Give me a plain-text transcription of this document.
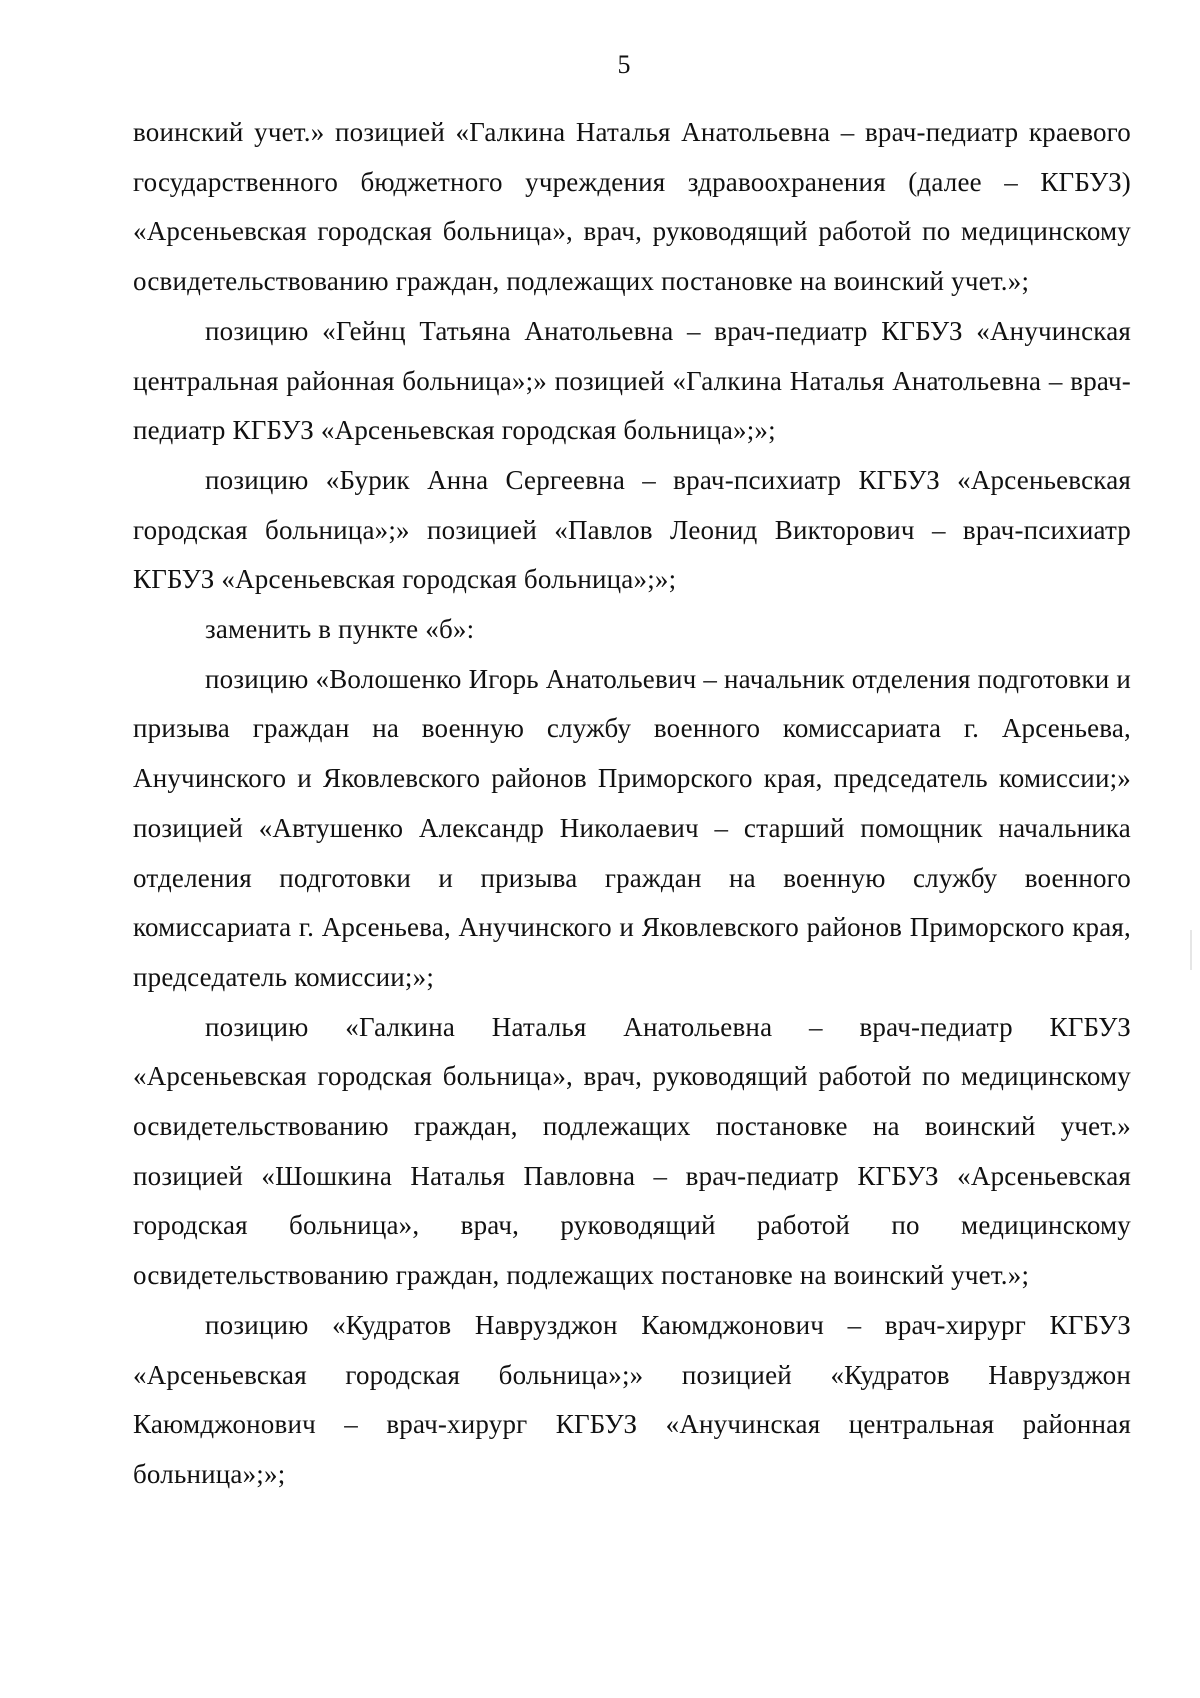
5

воинский учет.» позицией «Галкина Наталья Анатольевна – врач-педиатр краевого государственного бюджетного учреждения здравоохранения (далее – КГБУЗ) «Арсеньевская городская больница», врач, руководящий работой по медицинскому освидетельствованию граждан, подлежащих постановке на воинский учет.»;

позицию «Гейнц Татьяна Анатольевна – врач-педиатр КГБУЗ «Анучинская центральная районная больница»;» позицией «Галкина Наталья Анатольевна – врач-педиатр КГБУЗ «Арсеньевская городская больница»;»;

позицию «Бурик Анна Сергеевна – врач-психиатр КГБУЗ «Арсеньевская городская больница»;» позицией «Павлов Леонид Викторович – врач-психиатр КГБУЗ «Арсеньевская городская больница»;»;

заменить в пункте «б»:

позицию «Волошенко Игорь Анатольевич – начальник отделения подготовки и призыва граждан на военную службу военного комиссариата г. Арсеньева, Анучинского и Яковлевского районов Приморского края, председатель комиссии;» позицией «Автушенко Александр Николаевич – старший помощник начальника отделения подготовки и призыва граждан на военную службу военного комиссариата г. Арсеньева, Анучинского и Яковлевского районов Приморского края, председатель комиссии;»;

позицию «Галкина Наталья Анатольевна – врач-педиатр КГБУЗ «Арсеньевская городская больница», врач, руководящий работой по медицинскому освидетельствованию граждан, подлежащих постановке на воинский учет.» позицией «Шошкина Наталья Павловна – врач-педиатр КГБУЗ «Арсеньевская городская больница», врач, руководящий работой по медицинскому освидетельствованию граждан, подлежащих постановке на воинский учет.»;

позицию «Кудратов Наврузджон Каюмджонович – врач-хирург КГБУЗ «Арсеньевская городская больница»;» позицией «Кудратов Наврузджон Каюмджонович – врач-хирург КГБУЗ «Анучинская центральная районная больница»;»;
